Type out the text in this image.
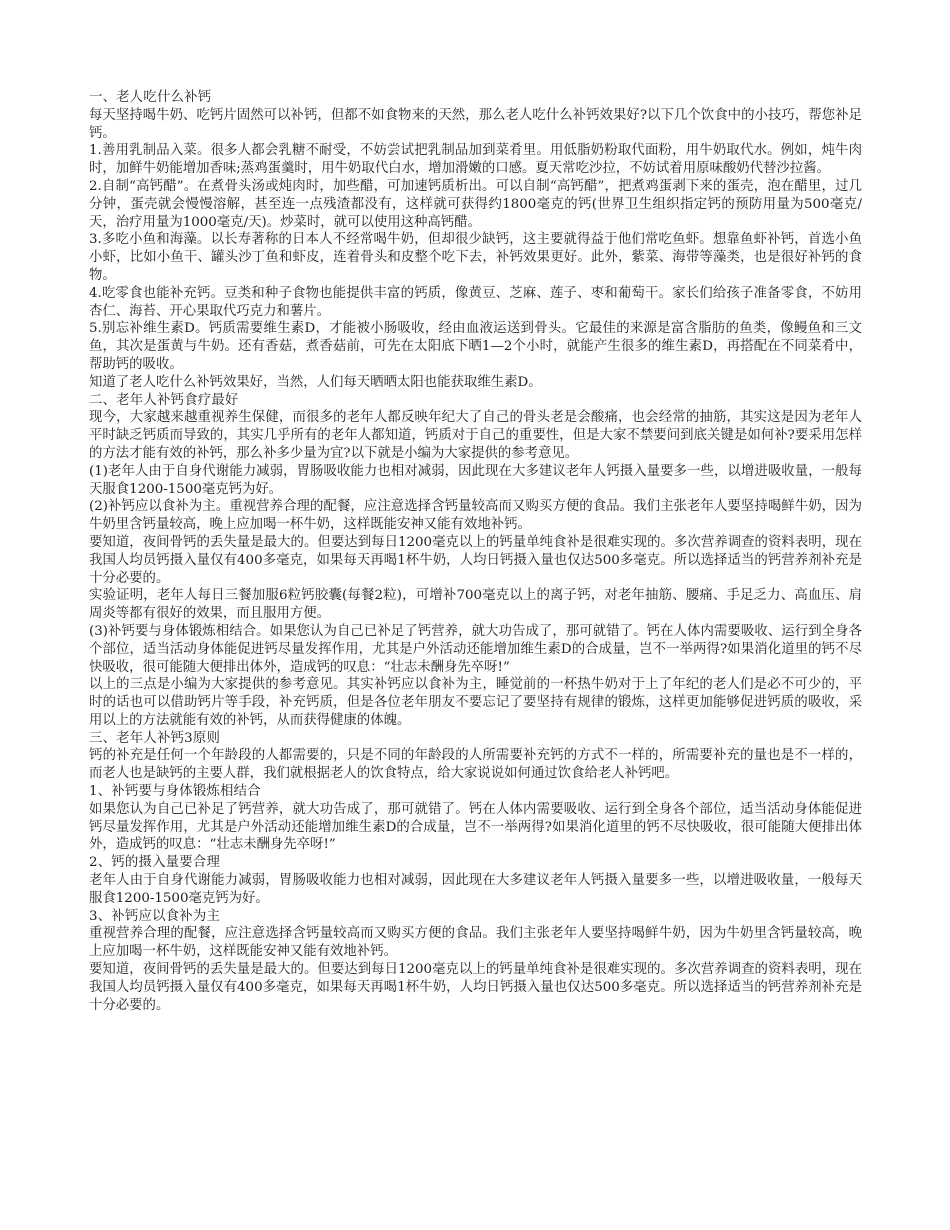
一、老人吃什么补钙

每天坚持喝牛奶、吃钙片固然可以补钙，但都不如食物来的天然，那么老人吃什么补钙效果好?以下几个饮食中的小技巧，帮您补足钙。

1.善用乳制品入菜。很多人都会乳糖不耐受，不妨尝试把乳制品加到菜肴里。用低脂奶粉取代面粉，用牛奶取代水。例如，炖牛肉时，加鲜牛奶能增加香味;蒸鸡蛋羹时，用牛奶取代白水，增加滑嫩的口感。夏天常吃沙拉，不妨试着用原味酸奶代替沙拉酱。

2.自制“高钙醋”。在煮骨头汤或炖肉时，加些醋，可加速钙质析出。可以自制“高钙醋”，把煮鸡蛋剥下来的蛋壳，泡在醋里，过几分钟，蛋壳就会慢慢溶解，甚至连一点残渣都没有，这样就可获得约1800毫克的钙(世界卫生组织指定钙的预防用量为500毫克/天，治疗用量为1000毫克/天)。炒菜时，就可以使用这种高钙醋。

3.多吃小鱼和海藻。以长寿著称的日本人不经常喝牛奶，但却很少缺钙，这主要就得益于他们常吃鱼虾。想靠鱼虾补钙，首选小鱼小虾，比如小鱼干、罐头沙丁鱼和虾皮，连着骨头和皮整个吃下去，补钙效果更好。此外，紫菜、海带等藻类，也是很好补钙的食物。

4.吃零食也能补充钙。豆类和种子食物也能提供丰富的钙质，像黄豆、芝麻、莲子、枣和葡萄干。家长们给孩子准备零食，不妨用杏仁、海苔、开心果取代巧克力和薯片。

5.别忘补维生素D。钙质需要维生素D，才能被小肠吸收，经由血液运送到骨头。它最佳的来源是富含脂肪的鱼类，像鳗鱼和三文鱼，其次是蛋黄与牛奶。还有香菇，煮香菇前，可先在太阳底下晒1—2个小时，就能产生很多的维生素D，再搭配在不同菜肴中，帮助钙的吸收。

知道了老人吃什么补钙效果好，当然，人们每天晒晒太阳也能获取维生素D。

二、老年人补钙食疗最好

现今，大家越来越重视养生保健，而很多的老年人都反映年纪大了自己的骨头老是会酸痛，也会经常的抽筋，其实这是因为老年人平时缺乏钙质而导致的，其实几乎所有的老年人都知道，钙质对于自己的重要性，但是大家不禁要问到底关键是如何补?要采用怎样的方法才能有效的补钙，那么补多少量为宜?以下就是小编为大家提供的参考意见。

(1)老年人由于自身代谢能力减弱，胃肠吸收能力也相对减弱，因此现在大多建议老年人钙摄入量要多一些，以增进吸收量，一般每天服食1200-1500毫克钙为好。

(2)补钙应以食补为主。重视营养合理的配餐，应注意选择含钙量较高而又购买方便的食品。我们主张老年人要坚持喝鲜牛奶，因为牛奶里含钙量较高，晚上应加喝一杯牛奶，这样既能安神又能有效地补钙。

要知道，夜间骨钙的丢失量是最大的。但要达到每日1200毫克以上的钙量单纯食补是很难实现的。多次营养调查的资料表明，现在我国人均员钙摄入量仅有400多毫克，如果每天再喝1杯牛奶，人均日钙摄入量也仅达500多毫克。所以选择适当的钙营养剂补充是十分必要的。

实验证明，老年人每日三餐加服6粒钙胶囊(每餐2粒)，可增补700毫克以上的离子钙，对老年抽筋、腰痛、手足乏力、高血压、肩周炎等都有很好的效果，而且服用方便。

(3)补钙要与身体锻炼相结合。如果您认为自己已补足了钙营养，就大功告成了，那可就错了。钙在人体内需要吸收、运行到全身各个部位，适当活动身体能促进钙尽量发挥作用，尤其是户外活动还能增加维生素D的合成量，岂不一举两得?如果消化道里的钙不尽快吸收，很可能随大便排出体外，造成钙的叹息：“壮志未酬身先卒呀!”

以上的三点是小编为大家提供的参考意见。其实补钙应以食补为主，睡觉前的一杯热牛奶对于上了年纪的老人们是必不可少的，平时的话也可以借助钙片等手段，补充钙质，但是各位老年朋友不要忘记了要坚持有规律的锻炼，这样更加能够促进钙质的吸收，采用以上的方法就能有效的补钙，从而获得健康的体魄。

三、老年人补钙3原则

钙的补充是任何一个年龄段的人都需要的，只是不同的年龄段的人所需要补充钙的方式不一样的，所需要补充的量也是不一样的，而老人也是缺钙的主要人群，我们就根据老人的饮食特点，给大家说说如何通过饮食给老人补钙吧。

1、补钙要与身体锻炼相结合

如果您认为自己已补足了钙营养，就大功告成了，那可就错了。钙在人体内需要吸收、运行到全身各个部位，适当活动身体能促进钙尽量发挥作用，尤其是户外活动还能增加维生素D的合成量，岂不一举两得?如果消化道里的钙不尽快吸收，很可能随大便排出体外，造成钙的叹息：“壮志未酬身先卒呀!”

2、钙的摄入量要合理

老年人由于自身代谢能力减弱，胃肠吸收能力也相对减弱，因此现在大多建议老年人钙摄入量要多一些，以增进吸收量，一般每天服食1200-1500毫克钙为好。

3、补钙应以食补为主

重视营养合理的配餐，应注意选择含钙量较高而又购买方便的食品。我们主张老年人要坚持喝鲜牛奶，因为牛奶里含钙量较高，晚上应加喝一杯牛奶，这样既能安神又能有效地补钙。

要知道，夜间骨钙的丢失量是最大的。但要达到每日1200毫克以上的钙量单纯食补是很难实现的。多次营养调查的资料表明，现在我国人均员钙摄入量仅有400多毫克，如果每天再喝1杯牛奶，人均日钙摄入量也仅达500多毫克。所以选择适当的钙营养剂补充是十分必要的。
